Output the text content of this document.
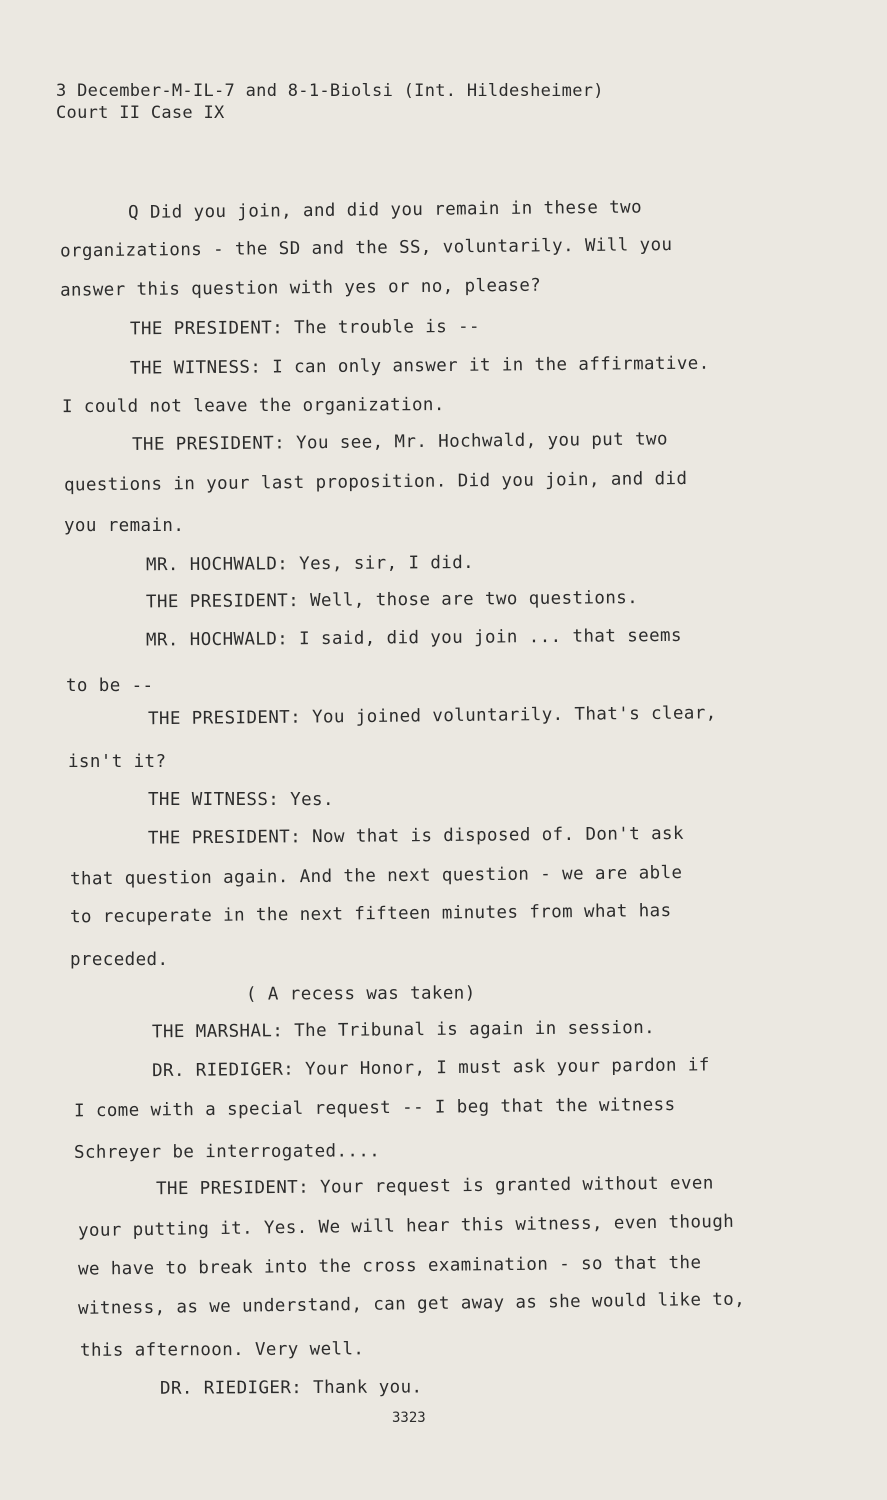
3 December-M-IL-7 and 8-1-Biolsi (Int. Hildesheimer)
Court II Case IX
Q Did you join, and did you remain in these two
organizations - the SD and the SS, voluntarily. Will you
answer this question with yes or no, please?
THE PRESIDENT: The trouble is --
THE WITNESS: I can only answer it in the affirmative.
I could not leave the organization.
THE PRESIDENT: You see, Mr. Hochwald, you put two
questions in your last proposition. Did you join, and did
you remain.
MR. HOCHWALD: Yes, sir, I did.
THE PRESIDENT: Well, those are two questions.
MR. HOCHWALD: I said, did you join ... that seems
to be --
THE PRESIDENT: You joined voluntarily. That's clear,
isn't it?
THE WITNESS: Yes.
THE PRESIDENT: Now that is disposed of. Don't ask
that question again. And the next question - we are able
to recuperate in the next fifteen minutes from what has
preceded.
( A recess was taken)
THE MARSHAL: The Tribunal is again in session.
DR. RIEDIGER: Your Honor, I must ask your pardon if
I come with a special request -- I beg that the witness
Schreyer be interrogated....
THE PRESIDENT: Your request is granted without even
your putting it. Yes. We will hear this witness, even though
we have to break into the cross examination - so that the
witness, as we understand, can get away as she would like to,
this afternoon. Very well.
DR. RIEDIGER: Thank you.
3323
